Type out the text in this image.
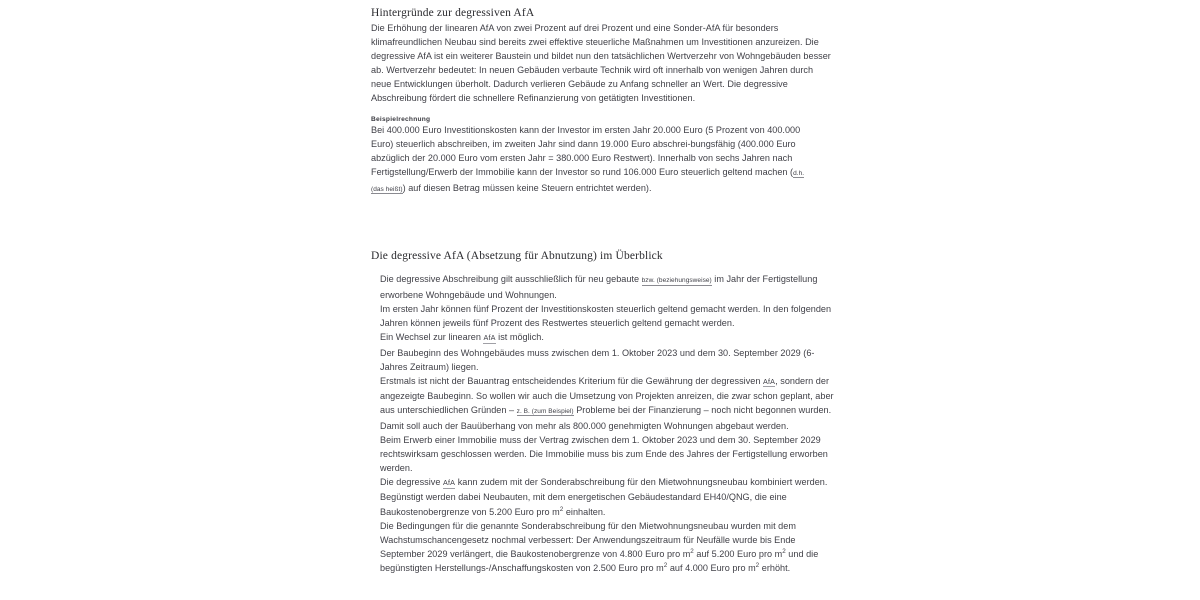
Hintergründe zur degressiven AfA

Die Erhöhung der linearen AfA von zwei Prozent auf drei Prozent und eine Sonder-AfA für besonders klimafreundlichen Neubau sind bereits zwei effektive steuerliche Maßnahmen um Investitionen anzureizen. Die degressive AfA ist ein weiterer Baustein und bildet nun den tatsächlichen Wertverzehr von Wohngebäuden besser ab. Wertverzehr bedeutet: In neuen Gebäuden verbaute Technik wird oft innerhalb von wenigen Jahren durch neue Entwicklungen überholt. Dadurch verlieren Gebäude zu Anfang schneller an Wert. Die degressive Abschreibung fördert die schnellere Refinanzierung von getätigten Investitionen.

Beispielrechnung

Bei 400.000 Euro Investitionskosten kann der Investor im ersten Jahr 20.000 Euro (5 Prozent von 400.000 Euro) steuerlich abschreiben, im zweiten Jahr sind dann 19.000 Euro abschrei-bungsfähig (400.000 Euro abzüglich der 20.000 Euro vom ersten Jahr = 380.000 Euro Restwert). Innerhalb von sechs Jahren nach Fertigstellung/Erwerb der Immobilie kann der Investor so rund 106.000 Euro steuerlich geltend machen (d.h. (das heißt)) auf diesen Betrag müssen keine Steuern entrichtet werden).

Die degressive AfA (Absetzung für Abnutzung) im Überblick
Die degressive Abschreibung gilt ausschließlich für neu gebaute bzw. (beziehungsweise) im Jahr der Fertigstellung erworbene Wohngebäude und Wohnungen.
Im ersten Jahr können fünf Prozent der Investitionskosten steuerlich geltend gemacht werden. In den folgenden Jahren können jeweils fünf Prozent des Restwertes steuerlich geltend gemacht werden.
Ein Wechsel zur linearen AfA ist möglich.
Der Baubeginn des Wohngebäudes muss zwischen dem 1. Oktober 2023 und dem 30. September 2029 (6-Jahres Zeitraum) liegen.
Erstmals ist nicht der Bauantrag entscheidendes Kriterium für die Gewährung der degressiven AfA, sondern der angezeigte Baubeginn. So wollen wir auch die Umsetzung von Projekten anreizen, die zwar schon geplant, aber aus unterschiedlichen Gründen – z. B. (zum Beispiel) Probleme bei der Finanzierung – noch nicht begonnen wurden. Damit soll auch der Bauüberhang von mehr als 800.000 genehmigten Wohnungen abgebaut werden.
Beim Erwerb einer Immobilie muss der Vertrag zwischen dem 1. Oktober 2023 und dem 30. September 2029 rechtswirksam geschlossen werden. Die Immobilie muss bis zum Ende des Jahres der Fertigstellung erworben werden.
Die degressive AfA kann zudem mit der Sonderabschreibung für den Mietwohnungsneubau kombiniert werden. Begünstigt werden dabei Neubauten, mit dem energetischen Gebäudestandard EH40/QNG, die eine Baukostenobergrenze von 5.200 Euro pro $m^2$ einhalten.
Die Bedingungen für die genannte Sonderabschreibung für den Mietwohnungsneubau wurden mit dem Wachstumschancengesetz nochmal verbessert: Der Anwendungszeitraum für Neufälle wurde bis Ende September 2029 verlängert, die Baukostenobergrenze von 4.800 Euro pro $m^2$ auf 5.200 Euro pro $m^2$ und die begünstigten Herstellungs-/Anschaffungskosten von 2.500 Euro pro $m^2$ auf 4.000 Euro pro $m^2$ erhöht.
